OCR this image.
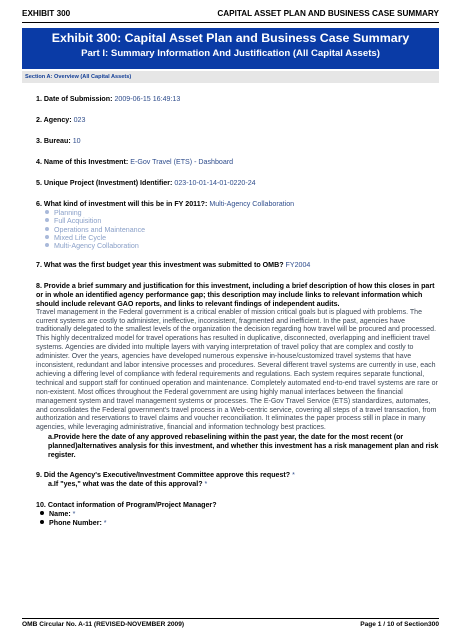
EXHIBIT 300	CAPITAL ASSET PLAN AND BUSINESS CASE SUMMARY
Exhibit 300: Capital Asset Plan and Business Case Summary
Part I: Summary Information And Justification (All Capital Assets)
Section A: Overview (All Capital Assets)

1. Date of Submission: 2009-06-15 16:49:13

2. Agency: 023

3. Bureau: 10

4. Name of this Investment: E-Gov Travel (ETS) - Dashboard

5. Unique Project (Investment) Identifier: 023-10-01-14-01-0220-24

6. What kind of investment will this be in FY 2011?: Multi-Agency Collaboration

Planning
Full Acquisition
Operations and Maintenance
Mixed Life Cycle
Multi-Agency Collaboration

7. What was the first budget year this investment was submitted to OMB? FY2004

8. Provide a brief summary and justification for this investment, including a brief description of how this closes in part or in whole an identified agency performance gap; this description may include links to relevant information which should include relevant GAO reports, and links to relevant findings of independent audits.

Travel management in the Federal government is a critical enabler of mission critical goals but is plagued with problems. The current systems are costly to administer, ineffective, inconsistent, fragmented and inefficient. In the past, agencies have traditionally delegated to the smallest levels of the organization the decision regarding how travel will be procured and processed. This highly decentralized model for travel operations has resulted in duplicative, disconnected, overlapping and inefficient travel systems. Agencies are divided into multiple layers with varying interpretation of travel policy that are complex and costly to administer. Over the years, agencies have developed numerous expensive in-house/customized travel systems that have inconsistent, redundant and labor intensive processes and procedures. Several different travel systems are currently in use, each achieving a differing level of compliance with federal requirements and regulations. Each system requires separate functional, technical and support staff for continued operation and maintenance. Completely automated end-to-end travel systems are rare or non-existent. Most offices throughout the Federal government are using highly manual interfaces between the financial management system and travel management systems or processes. The E-Gov Travel Service (ETS) standardizes, automates, and consolidates the Federal government's travel process in a Web-centric service, covering all steps of a travel transaction, from authorization and reservations to travel claims and voucher reconciliation. It eliminates the paper process still in place in many agencies, while leveraging administrative, financial and information technology best practices.

a.Provide here the date of any approved rebaselining within the past year, the date for the most recent (or planned)alternatives analysis for this investment, and whether this investment has a risk management plan and risk register.

9. Did the Agency's Executive/Investment Committee approve this request? *

a.If "yes," what was the date of this approval? *

10. Contact information of Program/Project Manager?

Name: *
Phone Number: *
OMB Circular No. A-11 (REVISED-NOVEMBER 2009)	Page 1 / 10 of Section300
